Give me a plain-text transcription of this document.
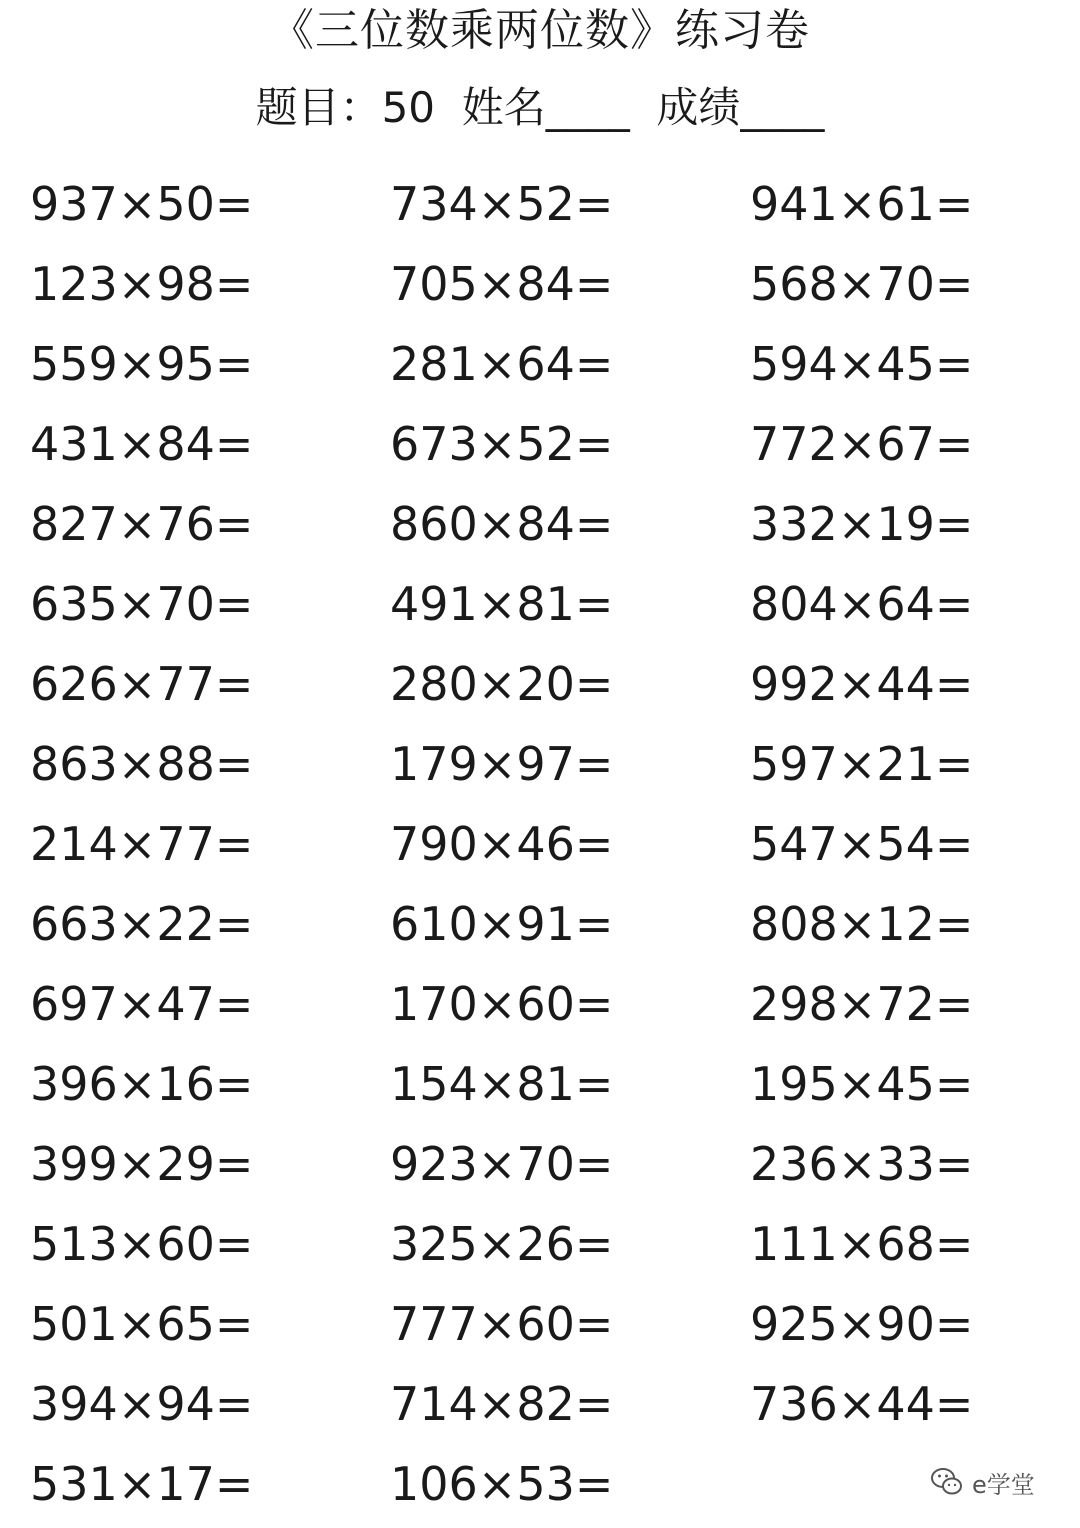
《三位数乘两位数》练习卷
题目：50  姓名____  成绩____
937×50=	734×52=	941×61=
123×98=	705×84=	568×70=
559×95=	281×64=	594×45=
431×84=	673×52=	772×67=
827×76=	860×84=	332×19=
635×70=	491×81=	804×64=
626×77=	280×20=	992×44=
863×88=	179×97=	597×21=
214×77=	790×46=	547×54=
663×22=	610×91=	808×12=
697×47=	170×60=	298×72=
396×16=	154×81=	195×45=
399×29=	923×70=	236×33=
513×60=	325×26=	111×68=
501×65=	777×60=	925×90=
394×94=	714×82=	736×44=
531×17=	106×53=	e学堂
